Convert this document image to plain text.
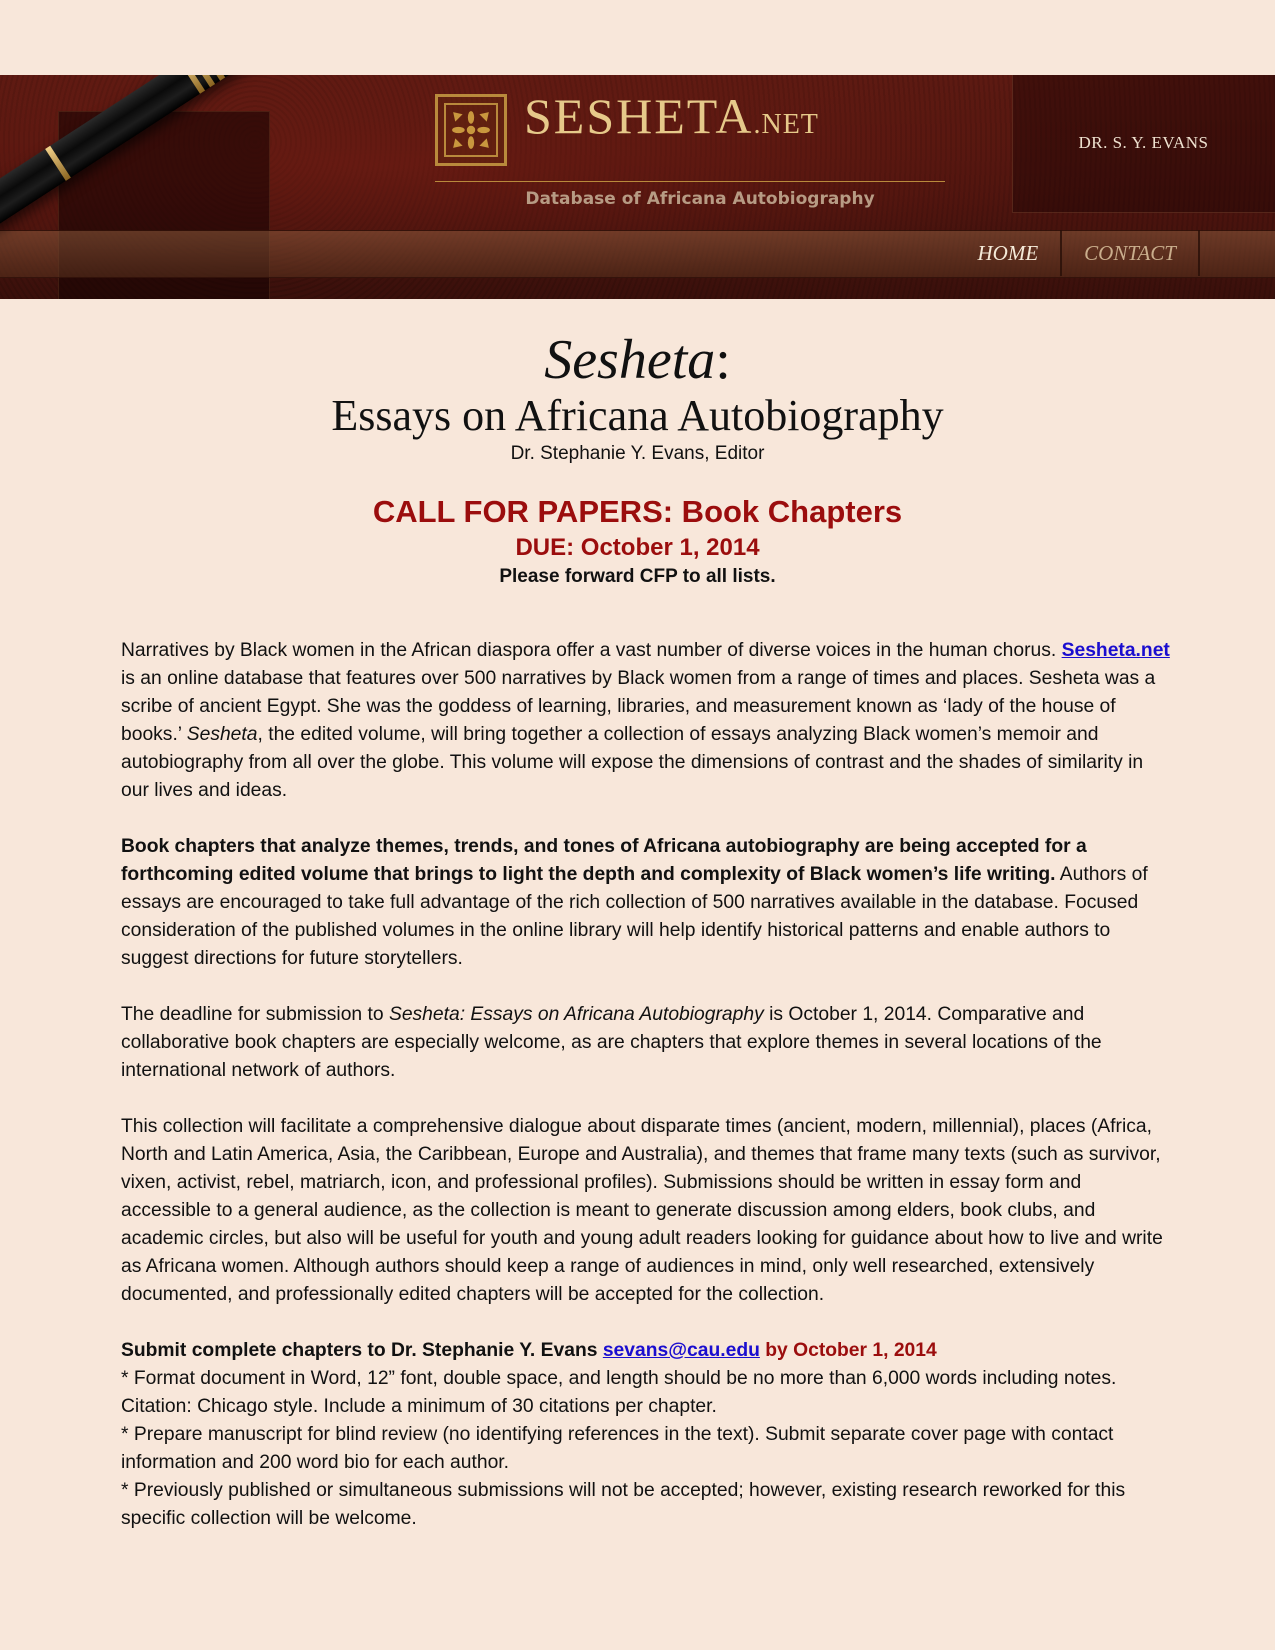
SESHETA.NET
Database of Africana Autobiography
DR. S. Y. EVANS
HOME	CONTACT
Sesheta:
Essays on Africana Autobiography
Dr. Stephanie Y. Evans, Editor
CALL FOR PAPERS: Book Chapters
DUE: October 1, 2014
Please forward CFP to all lists.

Narratives by Black women in the African diaspora offer a vast number of diverse voices in the human chorus. Sesheta.net is an online database that features over 500 narratives by Black women from a range of times and places. Sesheta was a scribe of ancient Egypt. She was the goddess of learning, libraries, and measurement known as ‘lady of the house of books.’ Sesheta, the edited volume, will bring together a collection of essays analyzing Black women’s memoir and autobiography from all over the globe. This volume will expose the dimensions of contrast and the shades of similarity in our lives and ideas.

Book chapters that analyze themes, trends, and tones of Africana autobiography are being accepted for a forthcoming edited volume that brings to light the depth and complexity of Black women’s life writing. Authors of essays are encouraged to take full advantage of the rich collection of 500 narratives available in the database. Focused consideration of the published volumes in the online library will help identify historical patterns and enable authors to suggest directions for future storytellers.

The deadline for submission to Sesheta: Essays on Africana Autobiography is October 1, 2014. Comparative and collaborative book chapters are especially welcome, as are chapters that explore themes in several locations of the international network of authors.

This collection will facilitate a comprehensive dialogue about disparate times (ancient, modern, millennial), places (Africa, North and Latin America, Asia, the Caribbean, Europe and Australia), and themes that frame many texts (such as survivor, vixen, activist, rebel, matriarch, icon, and professional profiles). Submissions should be written in essay form and accessible to a general audience, as the collection is meant to generate discussion among elders, book clubs, and academic circles, but also will be useful for youth and young adult readers looking for guidance about how to live and write as Africana women. Although authors should keep a range of audiences in mind, only well researched, extensively documented, and professionally edited chapters will be accepted for the collection.

Submit complete chapters to Dr. Stephanie Y. Evans sevans@cau.edu by October 1, 2014
* Format document in Word, 12” font, double space, and length should be no more than 6,000 words including notes. Citation: Chicago style. Include a minimum of 30 citations per chapter.
* Prepare manuscript for blind review (no identifying references in the text). Submit separate cover page with contact information and 200 word bio for each author.
* Previously published or simultaneous submissions will not be accepted; however, existing research reworked for this specific collection will be welcome.
